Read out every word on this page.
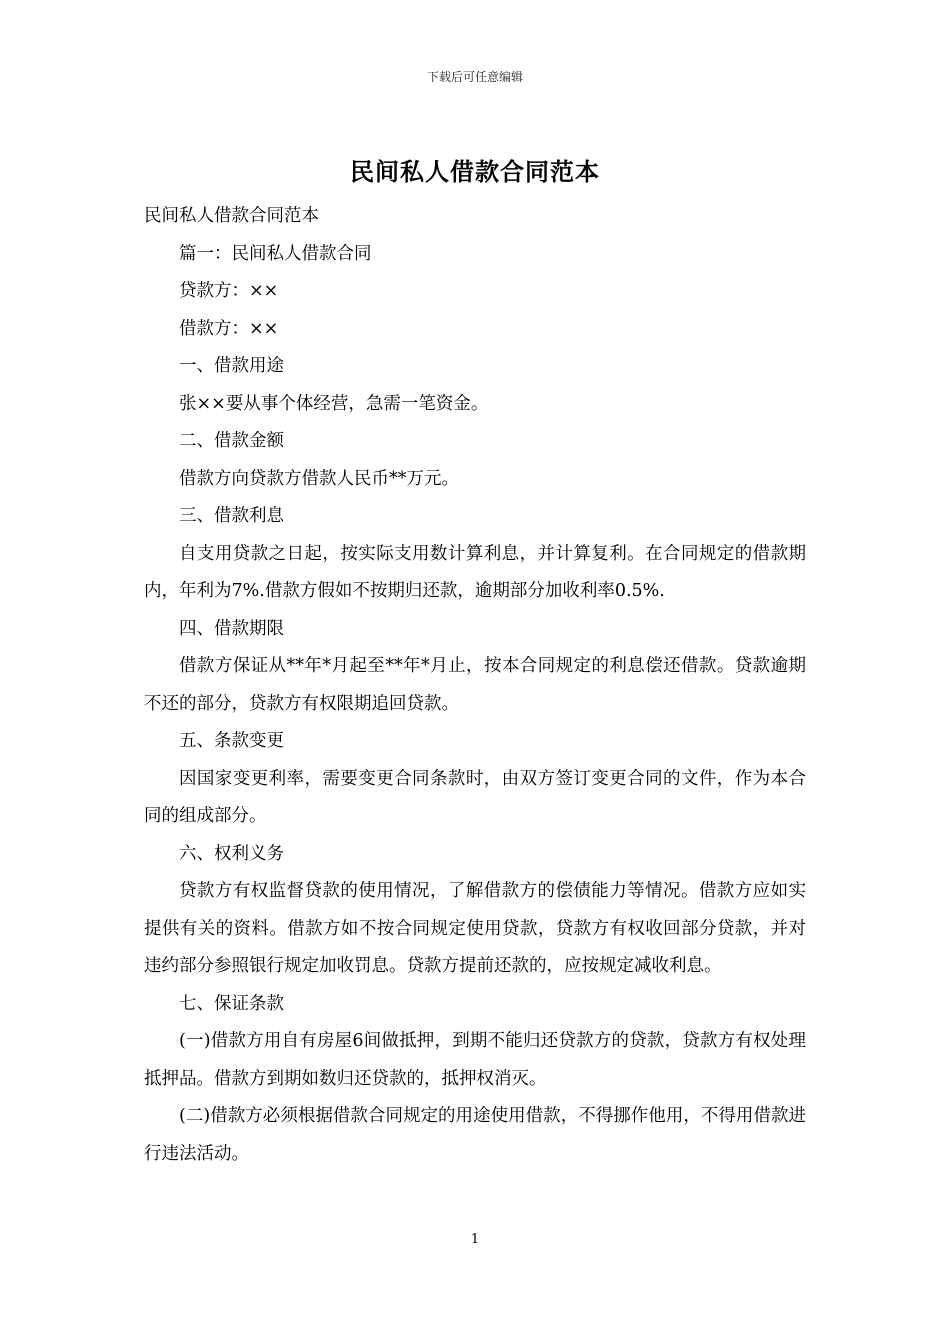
下载后可任意编辑
民间私人借款合同范本

民间私人借款合同范本

篇一：民间私人借款合同

贷款方：××

借款方：××

一、借款用途

张××要从事个体经营，急需一笔资金。

二、借款金额

借款方向贷款方借款人民币**万元。

三、借款利息

自支用贷款之日起，按实际支用数计算利息，并计算复利。在合同规定的借款期内，年利为7%.借款方假如不按期归还款，逾期部分加收利率0.5%.

四、借款期限

借款方保证从**年*月起至**年*月止，按本合同规定的利息偿还借款。贷款逾期不还的部分，贷款方有权限期追回贷款。

五、条款变更

因国家变更利率，需要变更合同条款时，由双方签订变更合同的文件，作为本合同的组成部分。

六、权利义务

贷款方有权监督贷款的使用情况，了解借款方的偿债能力等情况。借款方应如实提供有关的资料。借款方如不按合同规定使用贷款，贷款方有权收回部分贷款，并对违约部分参照银行规定加收罚息。贷款方提前还款的，应按规定减收利息。

七、保证条款

(一)借款方用自有房屋6间做抵押，到期不能归还贷款方的贷款，贷款方有权处理抵押品。借款方到期如数归还贷款的，抵押权消灭。

(二)借款方必须根据借款合同规定的用途使用借款，不得挪作他用，不得用借款进行违法活动。

1
